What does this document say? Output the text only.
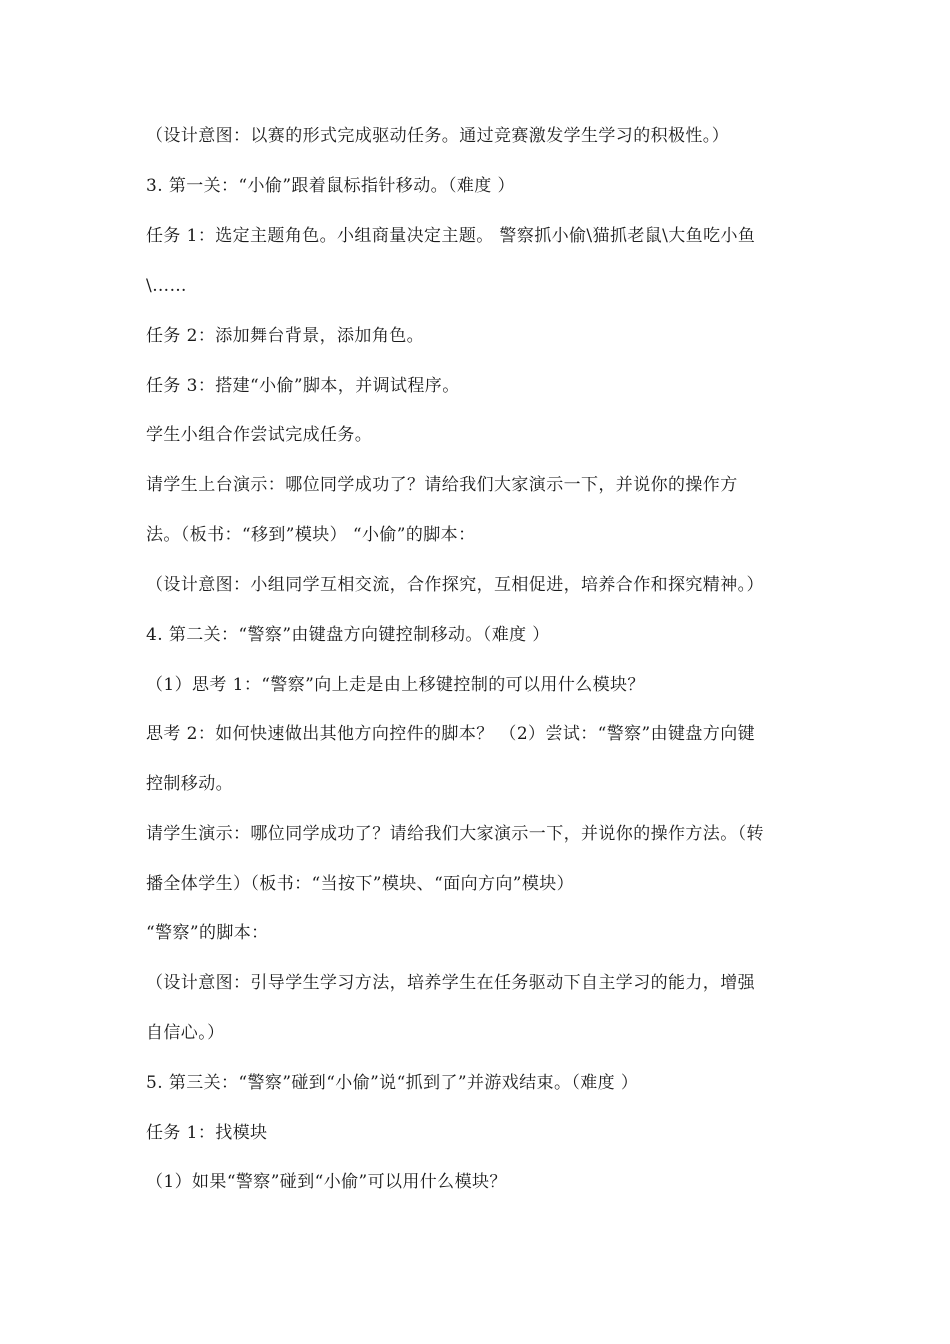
（设计意图：以赛的形式完成驱动任务。通过竞赛激发学生学习的积极性。）
3. 第一关：“小偷”跟着鼠标指针移动。（难度 ）
任务 1：选定主题角色。小组商量决定主题。 警察抓小偷\猫抓老鼠\大鱼吃小鱼
\……
任务 2：添加舞台背景，添加角色。
任务 3：搭建“小偷”脚本，并调试程序。
学生小组合作尝试完成任务。
请学生上台演示：哪位同学成功了？请给我们大家演示一下，并说你的操作方
法。（板书：“移到”模块） “小偷”的脚本：
（设计意图：小组同学互相交流，合作探究，互相促进，培养合作和探究精神。）
4. 第二关：“警察”由键盘方向键控制移动。（难度 ）
（1）思考 1：“警察”向上走是由上移键控制的可以用什么模块？
思考 2：如何快速做出其他方向控件的脚本？ （2）尝试：“警察”由键盘方向键
控制移动。
请学生演示：哪位同学成功了？请给我们大家演示一下，并说你的操作方法。（转
播全体学生）（板书：“当按下”模块、“面向方向”模块）
“警察”的脚本：
（设计意图：引导学生学习方法，培养学生在任务驱动下自主学习的能力，增强
自信心。）
5. 第三关：“警察”碰到“小偷”说“抓到了”并游戏结束。（难度 ）
任务 1：找模块
（1）如果“警察”碰到“小偷”可以用什么模块？
